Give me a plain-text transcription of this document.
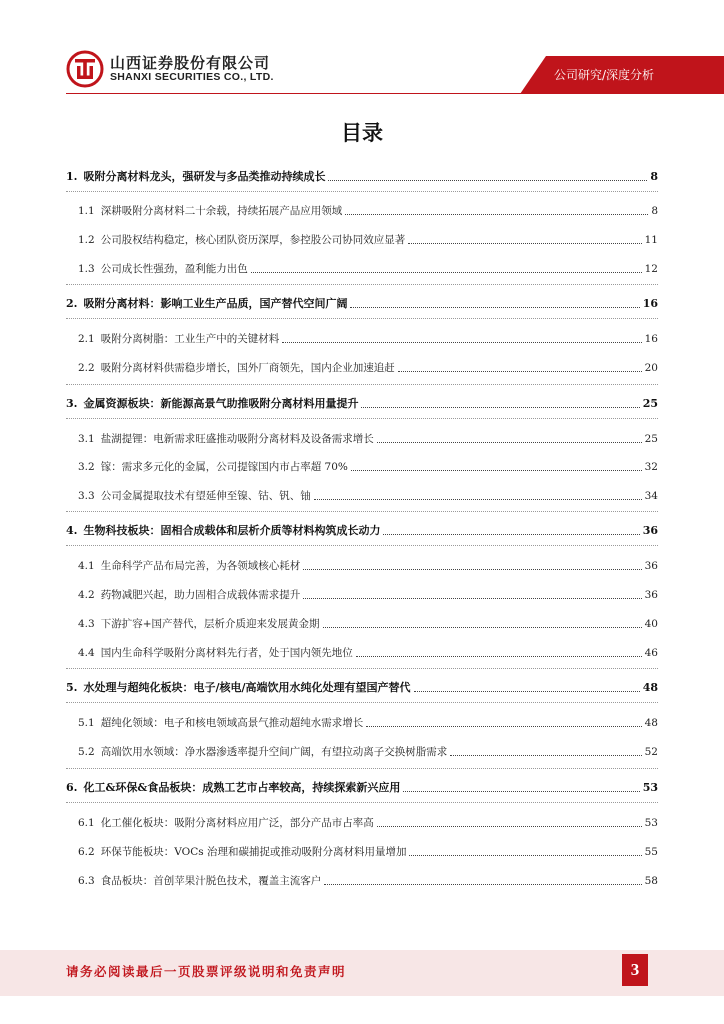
山西证券股份有限公司
SHANXI SECURITIES CO., LTD.	公司研究/深度分析
目录
1. 吸附分离材料龙头，强研发与多品类推动持续成长	8
1.1 深耕吸附分离材料二十余载，持续拓展产品应用领域	8
1.2 公司股权结构稳定，核心团队资历深厚，参控股公司协同效应显著	11
1.3 公司成长性强劲，盈利能力出色	12
2. 吸附分离材料：影响工业生产品质，国产替代空间广阔	16
2.1 吸附分离树脂：工业生产中的关键材料	16
2.2 吸附分离材料供需稳步增长，国外厂商领先，国内企业加速追赶	20
3. 金属资源板块：新能源高景气助推吸附分离材料用量提升	25
3.1 盐湖提锂：电新需求旺盛推动吸附分离材料及设备需求增长	25
3.2 镓：需求多元化的金属，公司提镓国内市占率超 70%	32
3.3 公司金属提取技术有望延伸至镍、钴、钒、铀	34
4. 生物科技板块：固相合成载体和层析介质等材料构筑成长动力	36
4.1 生命科学产品布局完善，为各领域核心耗材	36
4.2 药物减肥兴起，助力固相合成载体需求提升	36
4.3 下游扩容+国产替代，层析介质迎来发展黄金期	40
4.4 国内生命科学吸附分离材料先行者，处于国内领先地位	46
5. 水处理与超纯化板块：电子/核电/高端饮用水纯化处理有望国产替代	48
5.1 超纯化领域：电子和核电领域高景气推动超纯水需求增长	48
5.2 高端饮用水领域：净水器渗透率提升空间广阔，有望拉动离子交换树脂需求	52
6. 化工&环保&食品板块：成熟工艺市占率较高，持续探索新兴应用	53
6.1 化工催化板块：吸附分离材料应用广泛，部分产品市占率高	53
6.2 环保节能板块：VOCs 治理和碳捕捉或推动吸附分离材料用量增加	55
6.3 食品板块：首创苹果汁脱色技术，覆盖主流客户	58
请务必阅读最后一页股票评级说明和免责声明	3
